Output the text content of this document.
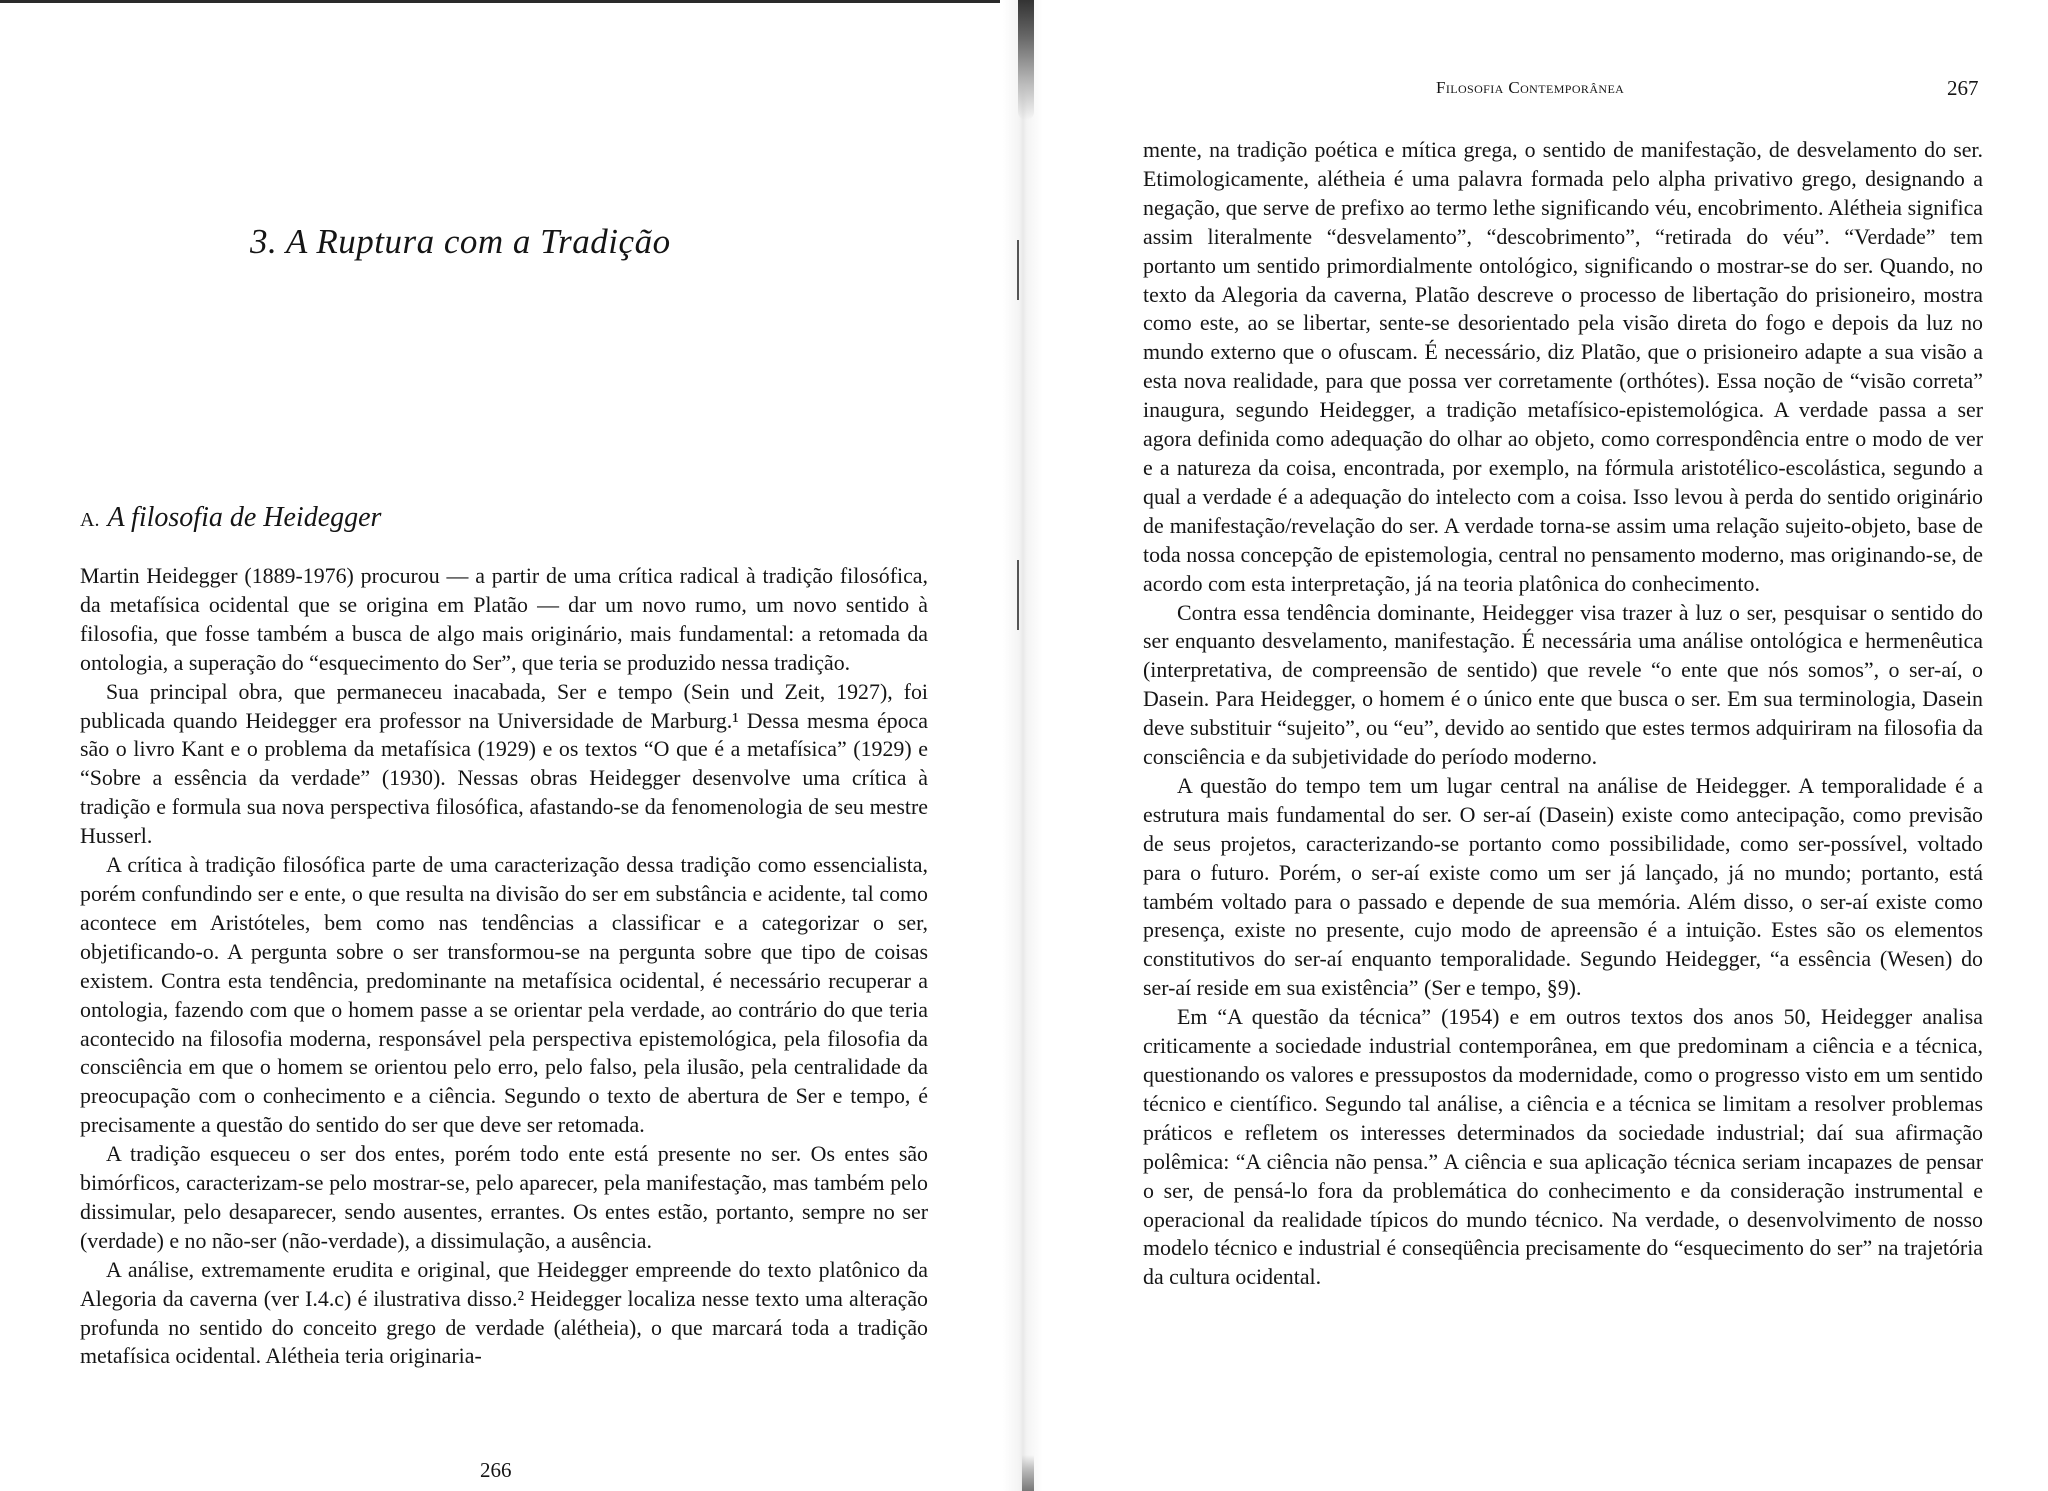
3. A Ruptura com a Tradição
A. A filosofia de Heidegger

Martin Heidegger (1889-1976) procurou — a partir de uma crítica radical à tradição filosófica, da metafísica ocidental que se origina em Platão — dar um novo rumo, um novo sentido à filosofia, que fosse também a busca de algo mais originário, mais fundamental: a retomada da ontologia, a superação do “esquecimento do Ser”, que teria se produzido nessa tradição.

Sua principal obra, que permaneceu inacabada, Ser e tempo (Sein und Zeit, 1927), foi publicada quando Heidegger era professor na Universidade de Marburg.¹ Dessa mesma época são o livro Kant e o problema da metafísica (1929) e os textos “O que é a metafísica” (1929) e “Sobre a essência da verdade” (1930). Nessas obras Heidegger desenvolve uma crítica à tradição e formula sua nova perspectiva filosófica, afastando-se da fenomenologia de seu mestre Husserl.

A crítica à tradição filosófica parte de uma caracterização dessa tradição como essencialista, porém confundindo ser e ente, o que resulta na divisão do ser em substância e acidente, tal como acontece em Aristóteles, bem como nas tendências a classificar e a categorizar o ser, objetificando-o. A pergunta sobre o ser transformou-se na pergunta sobre que tipo de coisas existem. Contra esta tendência, predominante na metafísica ocidental, é necessário recuperar a ontologia, fazendo com que o homem passe a se orientar pela verdade, ao contrário do que teria acontecido na filosofia moderna, responsável pela perspectiva epistemológica, pela filosofia da consciência em que o homem se orientou pelo erro, pelo falso, pela ilusão, pela centralidade da preocupação com o conhecimento e a ciência. Segundo o texto de abertura de Ser e tempo, é precisamente a questão do sentido do ser que deve ser retomada.

A tradição esqueceu o ser dos entes, porém todo ente está presente no ser. Os entes são bimórficos, caracterizam-se pelo mostrar-se, pelo aparecer, pela manifestação, mas também pelo dissimular, pelo desaparecer, sendo ausentes, errantes. Os entes estão, portanto, sempre no ser (verdade) e no não-ser (não-verdade), a dissimulação, a ausência.

A análise, extremamente erudita e original, que Heidegger empreende do texto platônico da Alegoria da caverna (ver I.4.c) é ilustrativa disso.² Heidegger localiza nesse texto uma alteração profunda no sentido do conceito grego de verdade (alétheia), o que marcará toda a tradição metafísica ocidental. Alétheia teria originaria-

266
Filosofia Contemporânea	267

mente, na tradição poética e mítica grega, o sentido de manifestação, de desvelamento do ser. Etimologicamente, alétheia é uma palavra formada pelo alpha privativo grego, designando a negação, que serve de prefixo ao termo lethe significando véu, encobrimento. Alétheia significa assim literalmente “desvelamento”, “descobrimento”, “retirada do véu”. “Verdade” tem portanto um sentido primordialmente ontológico, significando o mostrar-se do ser. Quando, no texto da Alegoria da caverna, Platão descreve o processo de libertação do prisioneiro, mostra como este, ao se libertar, sente-se desorientado pela visão direta do fogo e depois da luz no mundo externo que o ofuscam. É necessário, diz Platão, que o prisioneiro adapte a sua visão a esta nova realidade, para que possa ver corretamente (orthótes). Essa noção de “visão correta” inaugura, segundo Heidegger, a tradição metafísico-epistemológica. A verdade passa a ser agora definida como adequação do olhar ao objeto, como correspondência entre o modo de ver e a natureza da coisa, encontrada, por exemplo, na fórmula aristotélico-escolástica, segundo a qual a verdade é a adequação do intelecto com a coisa. Isso levou à perda do sentido originário de manifestação/revelação do ser. A verdade torna-se assim uma relação sujeito-objeto, base de toda nossa concepção de epistemologia, central no pensamento moderno, mas originando-se, de acordo com esta interpretação, já na teoria platônica do conhecimento.

Contra essa tendência dominante, Heidegger visa trazer à luz o ser, pesquisar o sentido do ser enquanto desvelamento, manifestação. É necessária uma análise ontológica e hermenêutica (interpretativa, de compreensão de sentido) que revele “o ente que nós somos”, o ser-aí, o Dasein. Para Heidegger, o homem é o único ente que busca o ser. Em sua terminologia, Dasein deve substituir “sujeito”, ou “eu”, devido ao sentido que estes termos adquiriram na filosofia da consciência e da subjetividade do período moderno.

A questão do tempo tem um lugar central na análise de Heidegger. A temporalidade é a estrutura mais fundamental do ser. O ser-aí (Dasein) existe como antecipação, como previsão de seus projetos, caracterizando-se portanto como possibilidade, como ser-possível, voltado para o futuro. Porém, o ser-aí existe como um ser já lançado, já no mundo; portanto, está também voltado para o passado e depende de sua memória. Além disso, o ser-aí existe como presença, existe no presente, cujo modo de apreensão é a intuição. Estes são os elementos constitutivos do ser-aí enquanto temporalidade. Segundo Heidegger, “a essência (Wesen) do ser-aí reside em sua existência” (Ser e tempo, §9).

Em “A questão da técnica” (1954) e em outros textos dos anos 50, Heidegger analisa criticamente a sociedade industrial contemporânea, em que predominam a ciência e a técnica, questionando os valores e pressupostos da modernidade, como o progresso visto em um sentido técnico e científico. Segundo tal análise, a ciência e a técnica se limitam a resolver problemas práticos e refletem os interesses determinados da sociedade industrial; daí sua afirmação polêmica: “A ciência não pensa.” A ciência e sua aplicação técnica seriam incapazes de pensar o ser, de pensá-lo fora da problemática do conhecimento e da consideração instrumental e operacional da realidade típicos do mundo técnico. Na verdade, o desenvolvimento de nosso modelo técnico e industrial é conseqüência precisamente do “esquecimento do ser” na trajetória da cultura ocidental.
